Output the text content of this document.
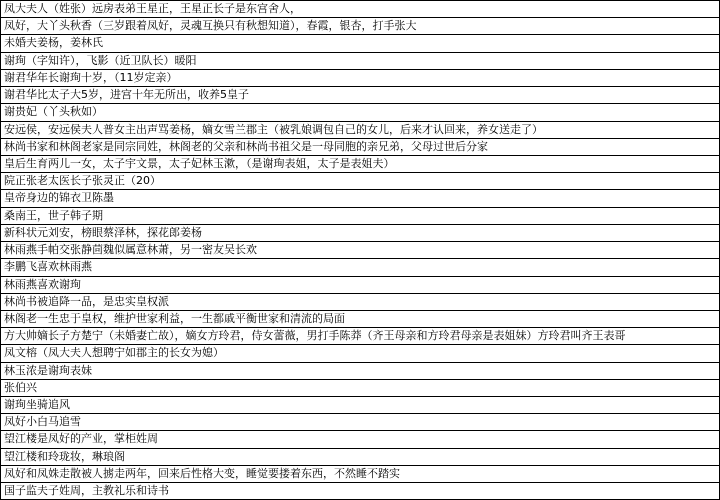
凤大夫人（姓张）远房表弟王星正，王星正长子是东宫舍人，
凤好，大丫头秋香（三岁跟着凤好，灵魂互换只有秋想知道），春霞，银杏，打手张大
未婚夫姜杨，姜林氏
谢珣（字知许），飞影（近卫队长）暖阳
谢君华年长谢珣十岁，（11岁定亲）
谢君华比太子大5岁，进宫十年无所出，收养5皇子
谢贵妃（丫头秋如）
安远侯，安远侯夫人普女主出声骂姜杨，嫡女雪兰郡主（被乳娘调包自己的女儿，后来才认回来，养女送走了）
林尚书家和林阁老家是同宗同姓，林阁老的父亲和林尚书祖父是一母同胞的亲兄弟，父母过世后分家
皇后生育两儿一女，太子宇文景，太子妃林玉漱，（是谢珣表姐，太子是表姐夫）
院正张老太医长子张灵正（20）
皇帝身边的锦衣卫陈墨
桑南王，世子韩子期
新科状元刘安，榜眼蔡泽林，探花郎姜杨
林雨燕手帕交张静茴魏似属意林萧，另一密友吴长欢
李鹏飞喜欢林雨燕
林雨燕喜欢谢珣
林尚书被追降一品，是忠实皇权派
林阁老一生忠于皇权，维护世家利益，一生都戚平衡世家和清流的局面
方大帅嫡长子方楚宁（未婚妻亡故），嫡女方玲君，侍女蕾薇，男打手陈莽（齐王母亲和方玲君母亲是表姐妹）方玲君叫齐王表哥
凤文榕（凤大夫人想聘宁如郡主的长女为媳）
林玉浓是谢珣表妹
张伯兴
谢珣坐骑追风
凤好小白马追雪
望江楼是凤好的产业，掌柜姓周
望江楼和玲珑妆，琳琅阁
凤好和凤姝走散被人掳走两年，回来后性格大变，睡觉要搂着东西，不然睡不踏实
国子监夫子姓周，主教礼乐和诗书
